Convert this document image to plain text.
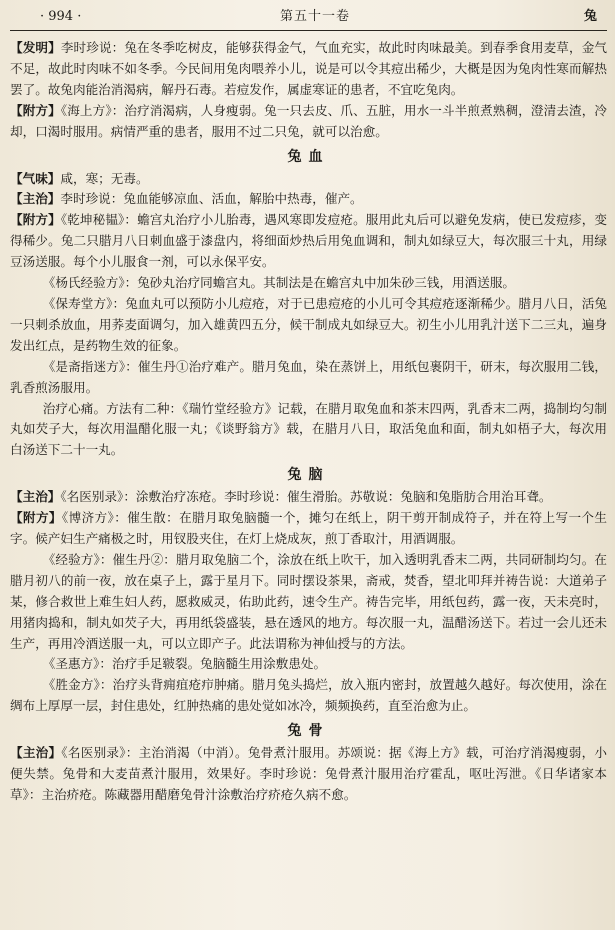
· 994 ·	第五十一卷	兔

【发明】李时珍说：兔在冬季吃树皮，能够获得金气，气血充实，故此时肉味最美。到春季食用麦草，金气不足，故此时肉味不如冬季。今民间用兔肉喂养小儿，说是可以令其痘出稀少，大概是因为兔肉性寒而解热罢了。故兔肉能治消渴病，解丹石毒。若痘发作，属虚寒证的患者，不宜吃兔肉。

【附方】《海上方》：治疗消渴病，人身瘦弱。兔一只去皮、爪、五脏，用水一斗半煎煮熟稠，澄清去渣，冷却，口渴时服用。病情严重的患者，服用不过二只兔，就可以治愈。

兔血

【气味】咸，寒；无毒。

【主治】李时珍说：兔血能够凉血、活血，解胎中热毒，催产。

【附方】《乾坤秘韫》：蟾宫丸治疗小儿胎毒，遇风寒即发痘疮。服用此丸后可以避免发病，使已发痘疹，变得稀少。兔二只腊月八日刺血盛于漆盘内，将细面炒热后用兔血调和，制丸如绿豆大，每次服三十丸，用绿豆汤送服。每个小儿服食一剂，可以永保平安。

《杨氏经验方》：兔砂丸治疗同蟾宫丸。其制法是在蟾宫丸中加朱砂三钱，用酒送服。

《保寿堂方》：兔血丸可以预防小儿痘疮，对于已患痘疮的小儿可令其痘疮逐渐稀少。腊月八日，活兔一只刺杀放血，用荞麦面调匀，加入雄黄四五分，候干制成丸如绿豆大。初生小儿用乳汁送下二三丸，遍身发出红点，是药物生效的征象。

《是斋指迷方》：催生丹①治疗难产。腊月兔血，染在蒸饼上，用纸包裹阴干，研末，每次服用二钱，乳香煎汤服用。

治疗心痛。方法有二种：《瑞竹堂经验方》记载，在腊月取兔血和茶末四两，乳香末二两，捣制均匀制丸如芡子大，每次用温醋化服一丸；《谈野翁方》载，在腊月八日，取活兔血和面，制丸如梧子大，每次用白汤送下二十一丸。

兔脑

【主治】《名医别录》：涂敷治疗冻疮。李时珍说：催生滑胎。苏敬说：兔脑和兔脂肪合用治耳聋。

【附方】《博济方》：催生散：在腊月取兔脑髓一个，摊匀在纸上，阴干剪开制成符子，并在符上写一个生字。候产妇生产痛极之时，用钗股夹住，在灯上烧成灰，煎丁香取汁，用酒调服。

《经验方》：催生丹②：腊月取兔脑二个，涂放在纸上吹干，加入透明乳香末二两，共同研制均匀。在腊月初八的前一夜，放在桌子上，露于星月下。同时摆设茶果，斋戒，焚香，望北叩拜并祷告说：大道弟子某，修合救世上难生妇人药，愿救威灵，佑助此药，速令生产。祷告完毕，用纸包药，露一夜，天未亮时，用猪肉捣和，制丸如芡子大，再用纸袋盛装，悬在透风的地方。每次服一丸，温醋汤送下。若过一会儿还未生产，再用冷酒送服一丸，可以立即产子。此法谓称为神仙授与的方法。

《圣惠方》：治疗手足皲裂。兔脑髓生用涂敷患处。

《胜金方》：治疗头背痈疽疮疖肿痛。腊月兔头捣烂，放入瓶内密封，放置越久越好。每次使用，涂在绸布上厚厚一层，封住患处，红肿热痛的患处觉如冰冷，频频换药，直至治愈为止。

兔骨

【主治】《名医别录》：主治消渴（中消）。兔骨煮汁服用。苏颂说：据《海上方》载，可治疗消渴瘦弱，小便失禁。兔骨和大麦苗煮汁服用，效果好。李时珍说：兔骨煮汁服用治疗霍乱，呕吐泻泄。《日华诸家本草》：主治疥疮。陈藏器用醋磨兔骨汁涂敷治疗疥疮久病不愈。
